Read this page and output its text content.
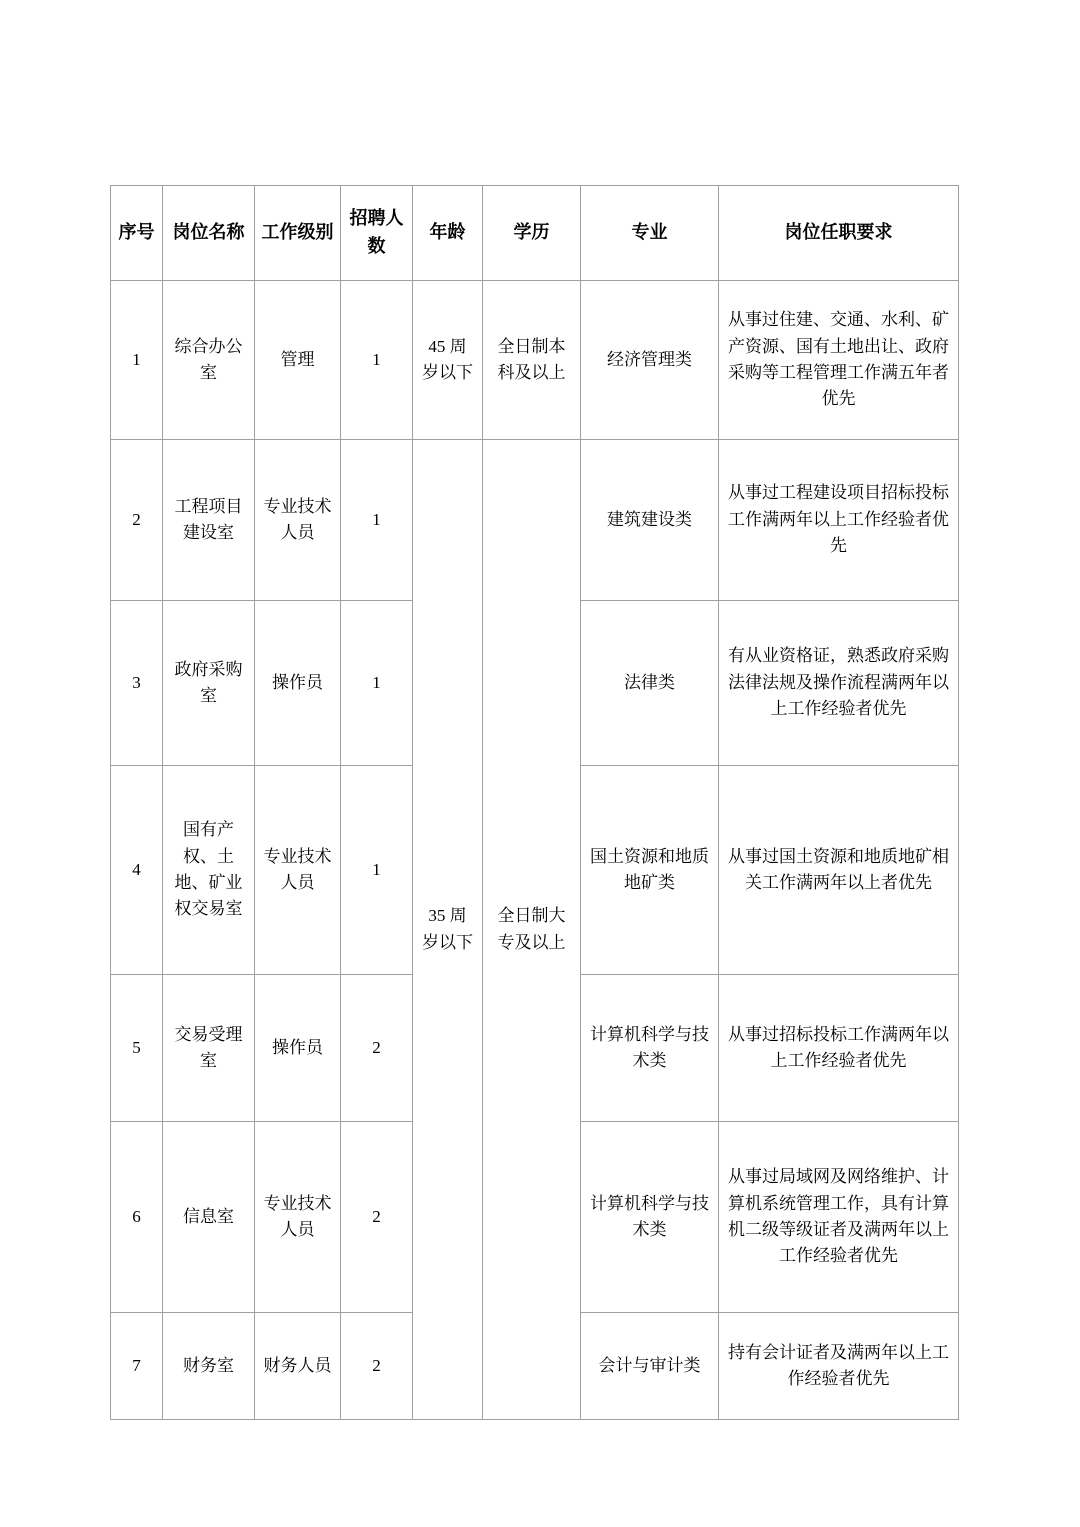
序号	岗位名称	工作级别	招聘人数	年龄	学历	专业	岗位任职要求
1	综合办公室	管理	1	45 周岁以下	全日制本科及以上	经济管理类	从事过住建、交通、水利、矿产资源、国有土地出让、政府采购等工程管理工作满五年者优先
2	工程项目建设室	专业技术人员	1	35 周岁以下	全日制大专及以上	建筑建设类	从事过工程建设项目招标投标工作满两年以上工作经验者优先
3	政府采购室	操作员	1			法律类	有从业资格证，熟悉政府采购法律法规及操作流程满两年以上工作经验者优先
4	国有产权、土地、矿业权交易室	专业技术人员	1			国土资源和地质地矿类	从事过国土资源和地质地矿相关工作满两年以上者优先
5	交易受理室	操作员	2			计算机科学与技术类	从事过招标投标工作满两年以上工作经验者优先
6	信息室	专业技术人员	2			计算机科学与技术类	从事过局域网及网络维护、计算机系统管理工作，具有计算机二级等级证者及满两年以上工作经验者优先
7	财务室	财务人员	2			会计与审计类	持有会计证者及满两年以上工作经验者优先
